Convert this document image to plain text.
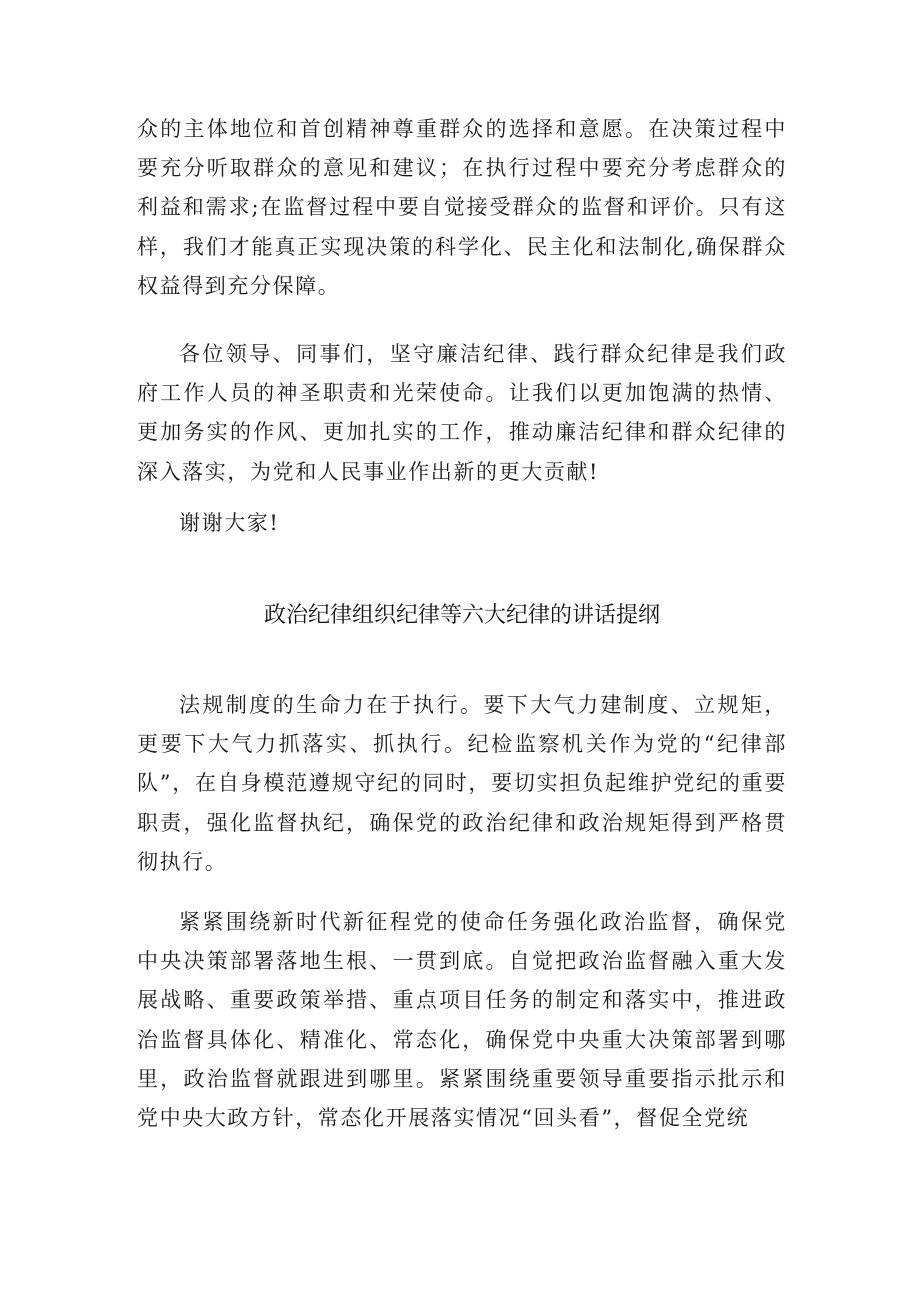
众的主体地位和首创精神尊重群众的选择和意愿。在决策过程中要充分听取群众的意见和建议；在执行过程中要充分考虑群众的利益和需求;在监督过程中要自觉接受群众的监督和评价。只有这样，我们才能真正实现决策的科学化、民主化和法制化,确保群众权益得到充分保障。

各位领导、同事们，坚守廉洁纪律、践行群众纪律是我们政府工作人员的神圣职责和光荣使命。让我们以更加饱满的热情、更加务实的作风、更加扎实的工作，推动廉洁纪律和群众纪律的深入落实，为党和人民事业作出新的更大贡献!

谢谢大家!

政治纪律组织纪律等六大纪律的讲话提纲

法规制度的生命力在于执行。要下大气力建制度、立规矩，更要下大气力抓落实、抓执行。纪检监察机关作为党的“纪律部队”，在自身模范遵规守纪的同时，要切实担负起维护党纪的重要职责，强化监督执纪，确保党的政治纪律和政治规矩得到严格贯彻执行。

紧紧围绕新时代新征程党的使命任务强化政治监督，确保党中央决策部署落地生根、一贯到底。自觉把政治监督融入重大发展战略、重要政策举措、重点项目任务的制定和落实中，推进政治监督具体化、精准化、常态化，确保党中央重大决策部署到哪里，政治监督就跟进到哪里。紧紧围绕重要领导重要指示批示和党中央大政方针，常态化开展落实情况“回头看”，督促全党统
